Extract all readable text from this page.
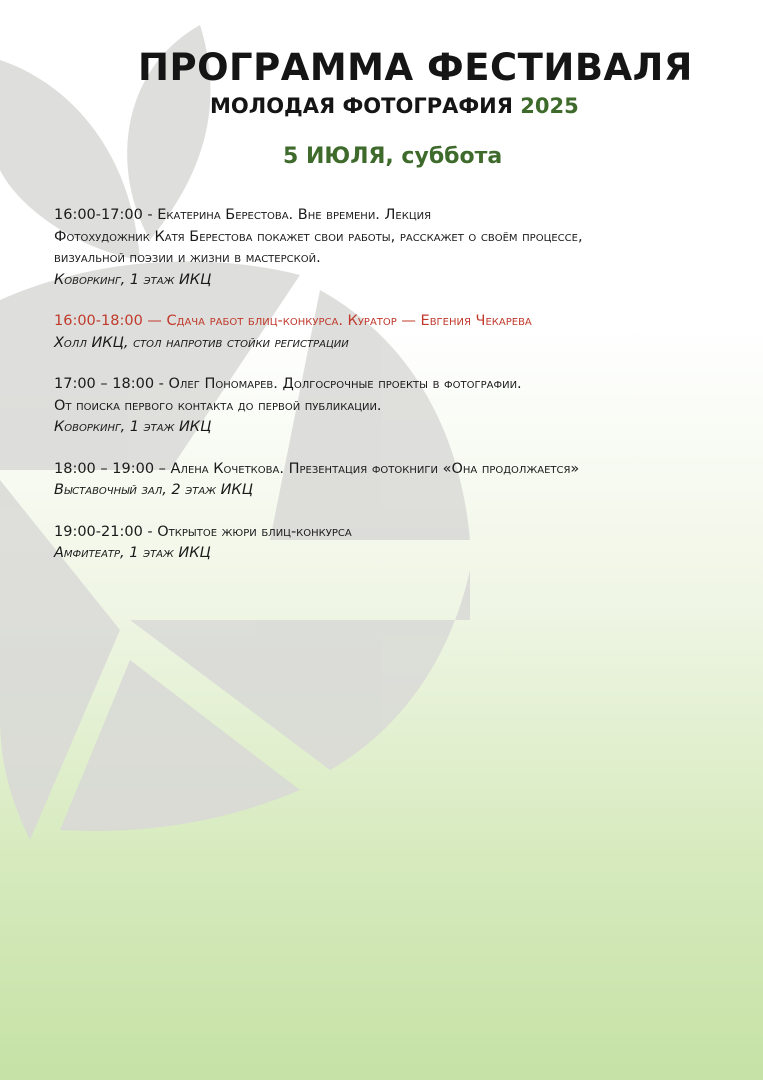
ПРОГРАММА ФЕСТИВАЛЯ
МОЛОДАЯ ФОТОГРАФИЯ 2025
5 ИЮЛЯ, суббота
16:00-17:00 - Екатерина Берестова. Вне времени. Лекция
Фотохудожник Катя Берестова покажет свои работы, расскажет о своём процессе,
визуальной поэзии и жизни в мастерской.
Коворкинг, 1 этаж ИКЦ
16:00-18:00 — Сдача работ блиц-конкурса. Куратор — Евгения Чекарева
Холл ИКЦ, стол напротив стойки регистрации
17:00 – 18:00 - Олег Пономарев. Долгосрочные проекты в фотографии.
От поиска первого контакта до первой публикации.
Коворкинг, 1 этаж ИКЦ
18:00 – 19:00 – Алена Кочеткова. Презентация фотокниги «Она продолжается»
Выставочный зал, 2 этаж ИКЦ
19:00-21:00 - Открытое жюри блиц-конкурса
Амфитеатр, 1 этаж ИКЦ
